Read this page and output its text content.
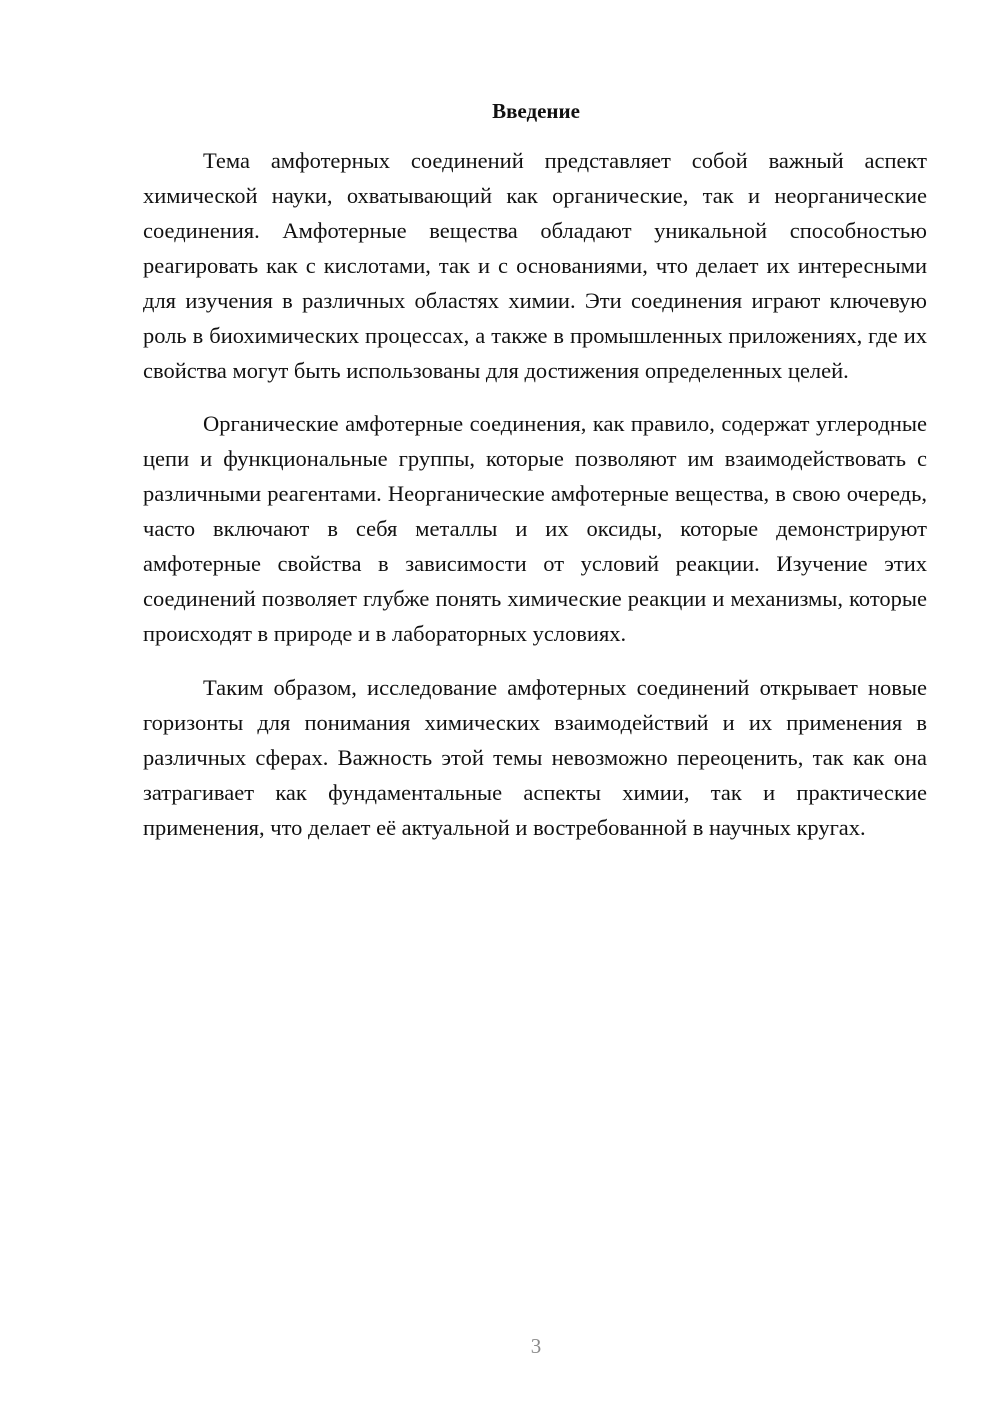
Введение

Тема амфотерных соединений представляет собой важный аспект химической науки, охватывающий как органические, так и неорганические соединения. Амфотерные вещества обладают уникальной способностью реагировать как с кислотами, так и с основаниями, что делает их интересными для изучения в различных областях химии. Эти соединения играют ключевую роль в биохимических процессах, а также в промышленных приложениях, где их свойства могут быть использованы для достижения определенных целей.

Органические амфотерные соединения, как правило, содержат углеродные цепи и функциональные группы, которые позволяют им взаимодействовать с различными реагентами. Неорганические амфотерные вещества, в свою очередь, часто включают в себя металлы и их оксиды, которые демонстрируют амфотерные свойства в зависимости от условий реакции. Изучение этих соединений позволяет глубже понять химические реакции и механизмы, которые происходят в природе и в лабораторных условиях.

Таким образом, исследование амфотерных соединений открывает новые горизонты для понимания химических взаимодействий и их применения в различных сферах. Важность этой темы невозможно переоценить, так как она затрагивает как фундаментальные аспекты химии, так и практические применения, что делает её актуальной и востребованной в научных кругах.

3
